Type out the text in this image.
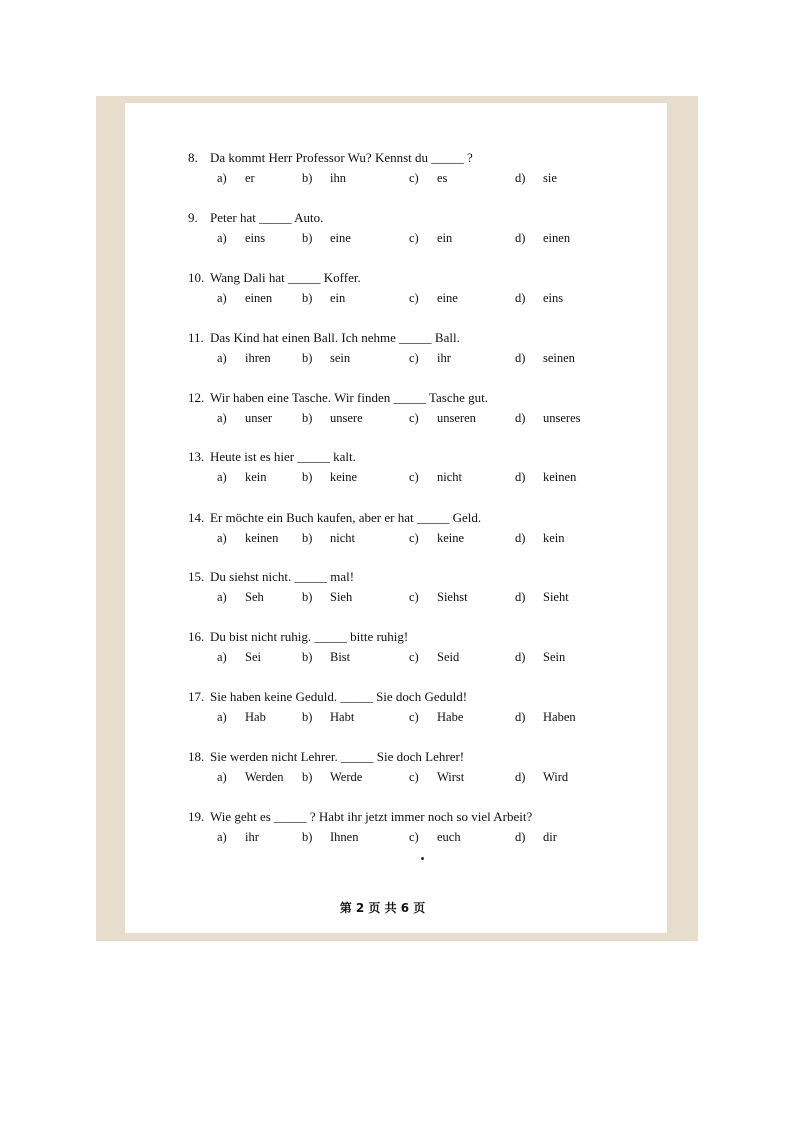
8. Da kommt Herr Professor Wu? Kennst du _____ ?
a) er	b) ihn	c) es	d) sie
9. Peter hat _____ Auto.
a) eins	b) eine	c) ein	d) einen
10. Wang Dali hat _____ Koffer.
a) einen b) ein	c) eine	d) eins
11. Das Kind hat einen Ball. Ich nehme _____ Ball.
a) ihren	b) sein	c) ihr	d) seinen
12. Wir haben eine Tasche. Wir finden _____ Tasche gut.
a) unser b) unsere	c) unseren	d) unseres
13. Heute ist es hier _____ kalt.
a) kein	b) keine	c) nicht	d) keinen
14. Er möchte ein Buch kaufen, aber er hat _____ Geld.
a) keinen b) nicht	c) keine	d) kein
15. Du siehst nicht. _____ mal!
a) Seh	b) Sieh	c) Siehst	d) Sieht
16. Du bist nicht ruhig. _____ bitte ruhig!
a) Sei	b) Bist	c) Seid	d) Sein
17. Sie haben keine Geduld. _____ Sie doch Geduld!
a) Hab	b) Habt	c) Habe	d) Haben
18. Sie werden nicht Lehrer. _____ Sie doch Lehrer!
a) Werden b) Werde	c) Wirst	d) Wird
19. Wie geht es _____ ? Habt ihr jetzt immer noch so viel Arbeit?
a) ihr	b) Ihnen	c) euch	d) dir
第 2 页 共 6 页
